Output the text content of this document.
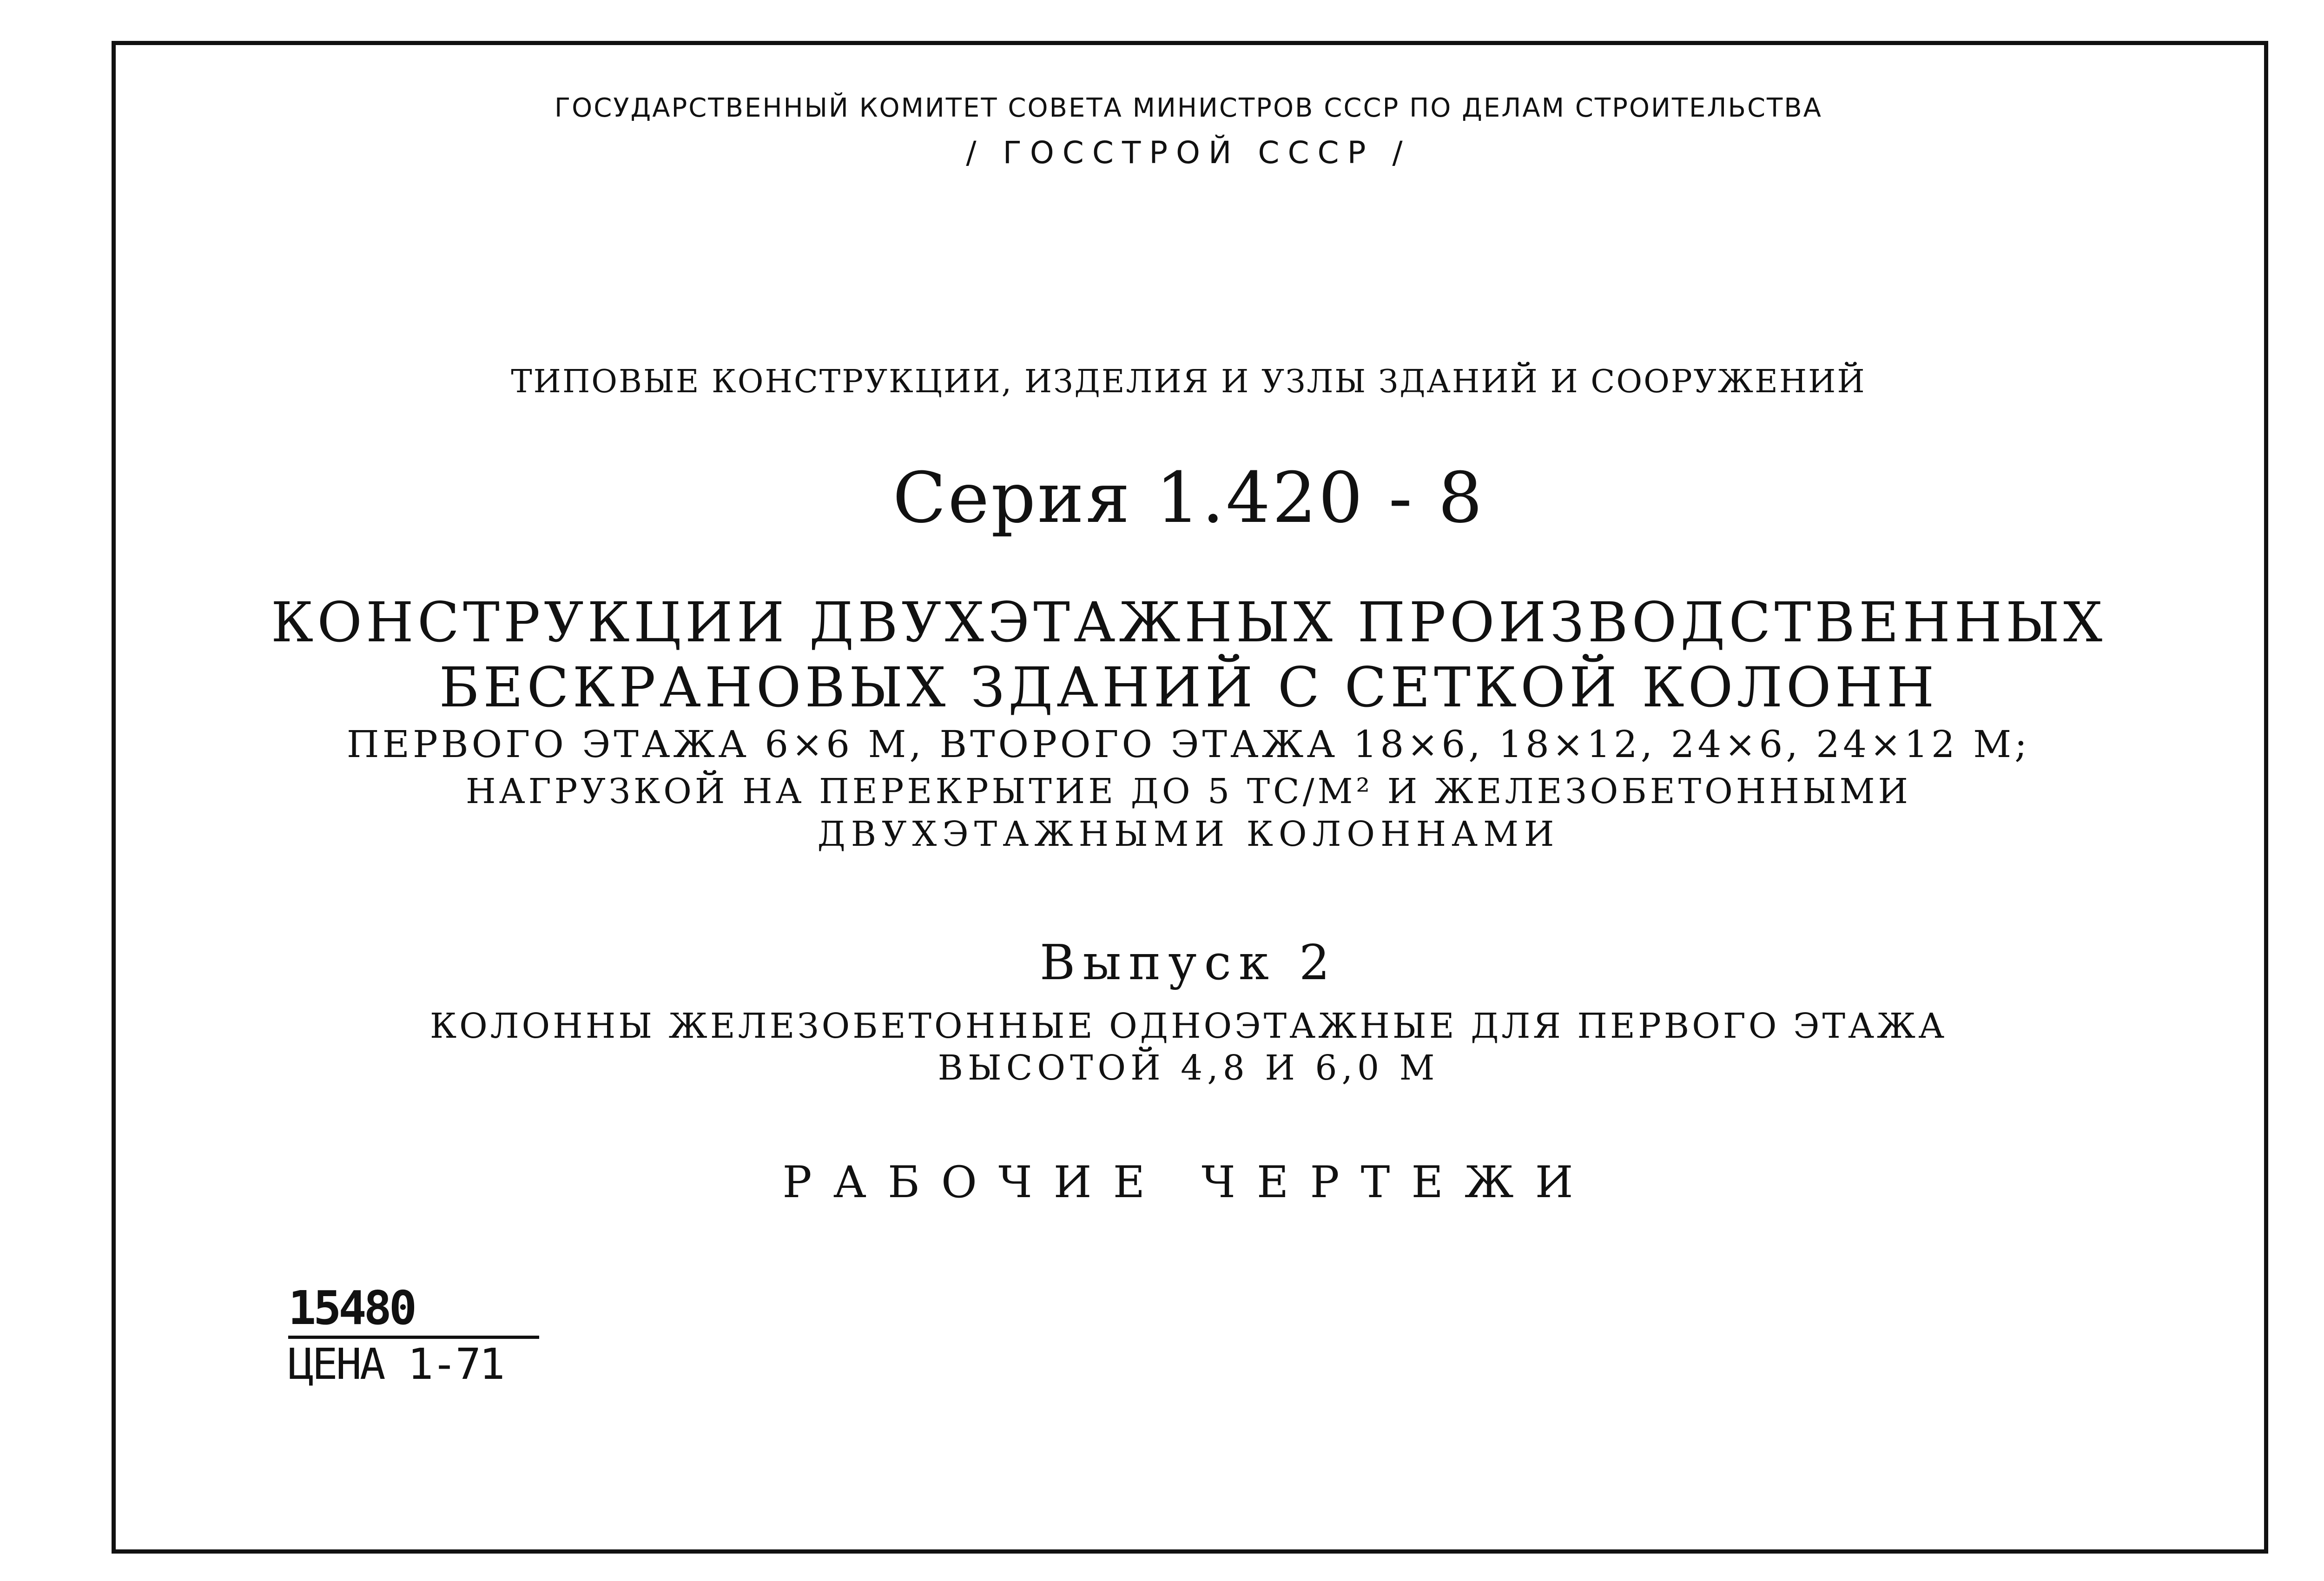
ГОСУДАРСТВЕННЫЙ КОМИТЕТ СОВЕТА МИНИСТРОВ СССР ПО ДЕЛАМ СТРОИТЕЛЬСТВА
/ ГОССТРОЙ СССР /
ТИПОВЫЕ КОНСТРУКЦИИ, ИЗДЕЛИЯ И УЗЛЫ ЗДАНИЙ И СООРУЖЕНИЙ
Серия 1.420 - 8
КОНСТРУКЦИИ ДВУХЭТАЖНЫХ ПРОИЗВОДСТВЕННЫХ
БЕСКРАНОВЫХ ЗДАНИЙ С СЕТКОЙ КОЛОНН
ПЕРВОГО ЭТАЖА 6×6 М, ВТОРОГО ЭТАЖА 18×6, 18×12, 24×6, 24×12 М;
НАГРУЗКОЙ НА ПЕРЕКРЫТИЕ ДО 5 ТС/М² И ЖЕЛЕЗОБЕТОННЫМИ
ДВУХЭТАЖНЫМИ КОЛОННАМИ
Выпуск 2
КОЛОННЫ ЖЕЛЕЗОБЕТОННЫЕ ОДНОЭТАЖНЫЕ ДЛЯ ПЕРВОГО ЭТАЖА
ВЫСОТОЙ 4,8 И 6,0 М
РАБОЧИЕ ЧЕРТЕЖИ
15480
ЦЕНА 1-71
